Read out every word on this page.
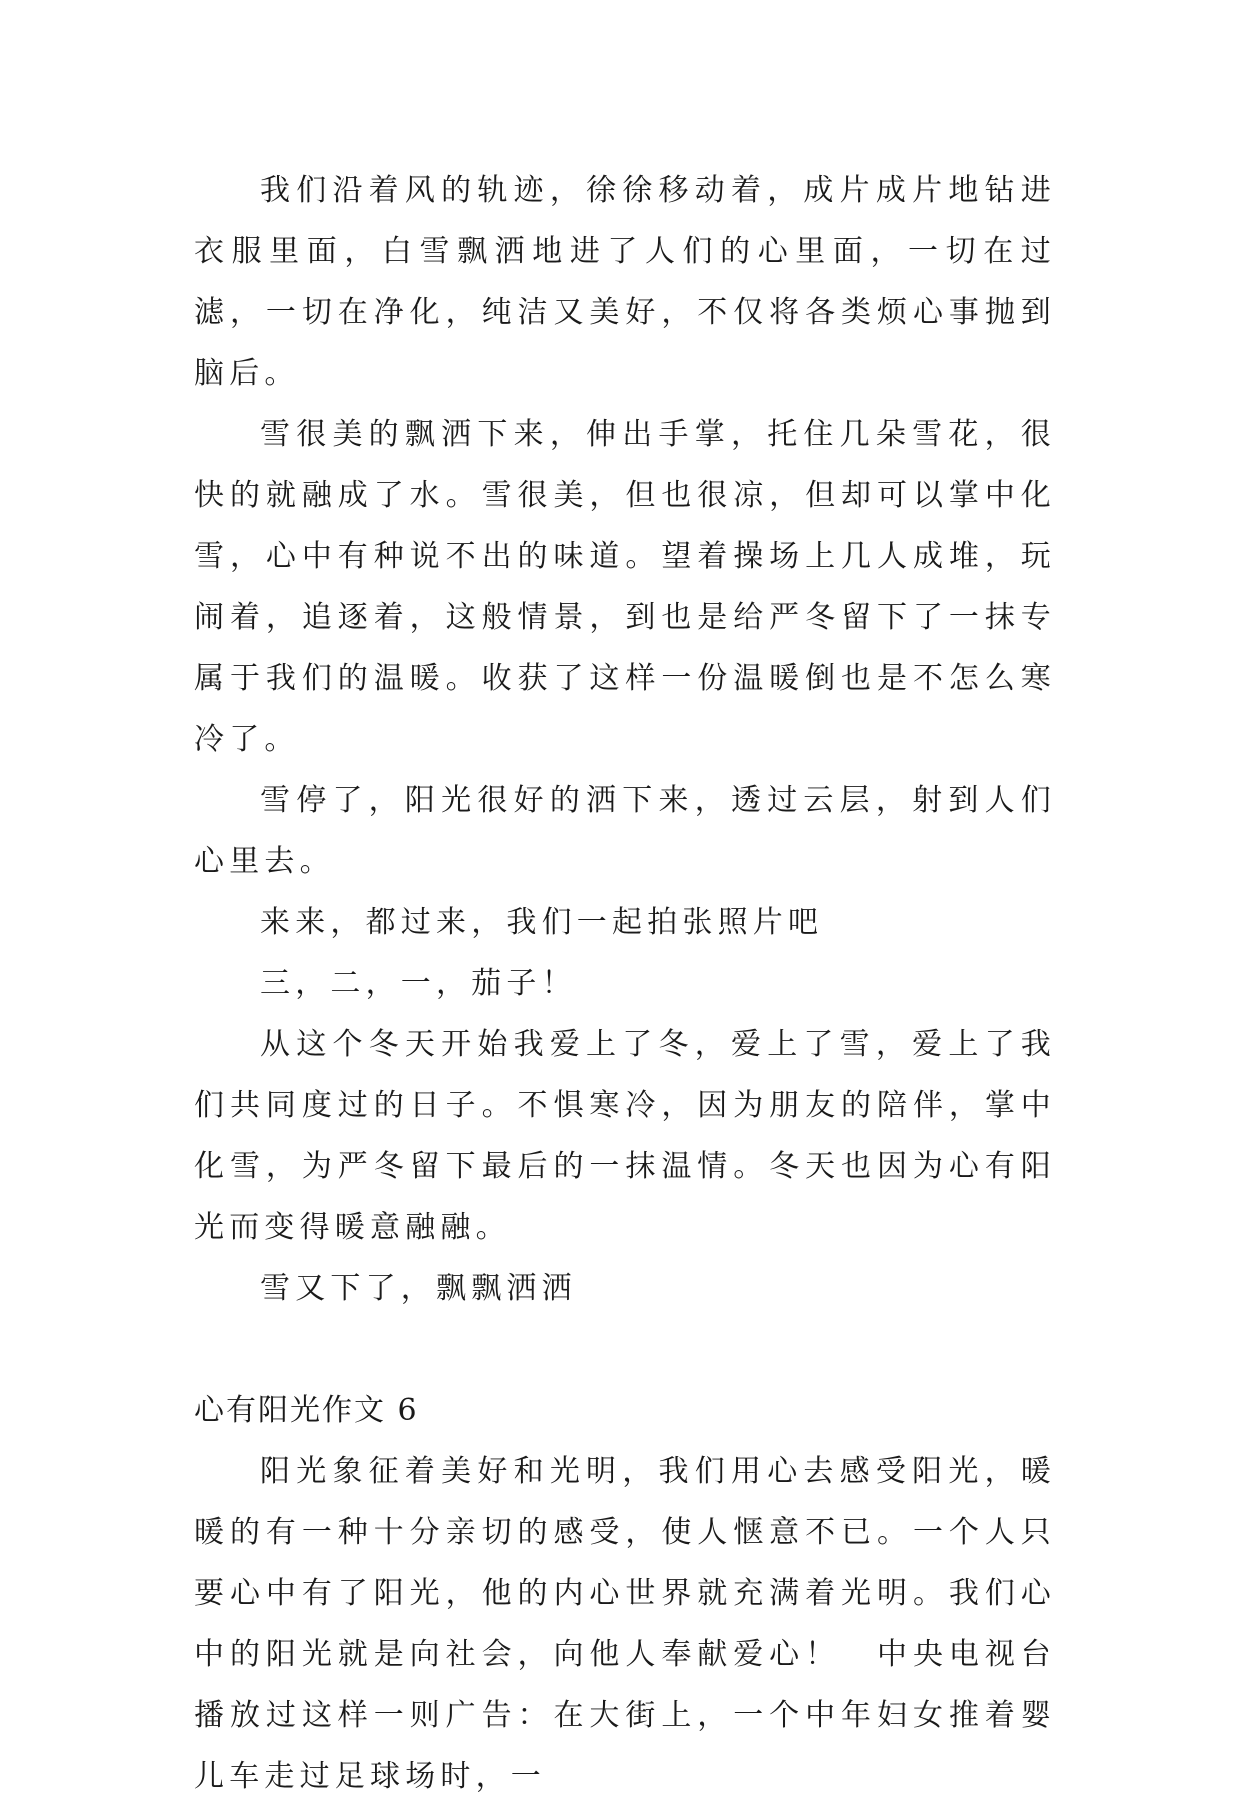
我们沿着风的轨迹，徐徐移动着，成片成片地钻进衣服里面，白雪飘洒地进了人们的心里面，一切在过滤，一切在净化，纯洁又美好，不仅将各类烦心事抛到脑后。

雪很美的飘洒下来，伸出手掌，托住几朵雪花，很快的就融成了水。雪很美，但也很凉，但却可以掌中化雪，心中有种说不出的味道。望着操场上几人成堆，玩闹着，追逐着，这般情景，到也是给严冬留下了一抹专属于我们的温暖。收获了这样一份温暖倒也是不怎么寒冷了。

雪停了，阳光很好的洒下来，透过云层，射到人们心里去。

来来，都过来，我们一起拍张照片吧

三，二，一，茄子！

从这个冬天开始我爱上了冬，爱上了雪，爱上了我们共同度过的日子。不惧寒冷，因为朋友的陪伴，掌中化雪，为严冬留下最后的一抹温情。冬天也因为心有阳光而变得暖意融融。

雪又下了，飘飘洒洒

心有阳光作文 6

阳光象征着美好和光明，我们用心去感受阳光，暖暖的有一种十分亲切的感受，使人惬意不已。一个人只要心中有了阳光，他的内心世界就充满着光明。我们心中的阳光就是向社会，向他人奉献爱心！　中央电视台播放过这样一则广告：在大街上，一个中年妇女推着婴儿车走过足球场时，一
